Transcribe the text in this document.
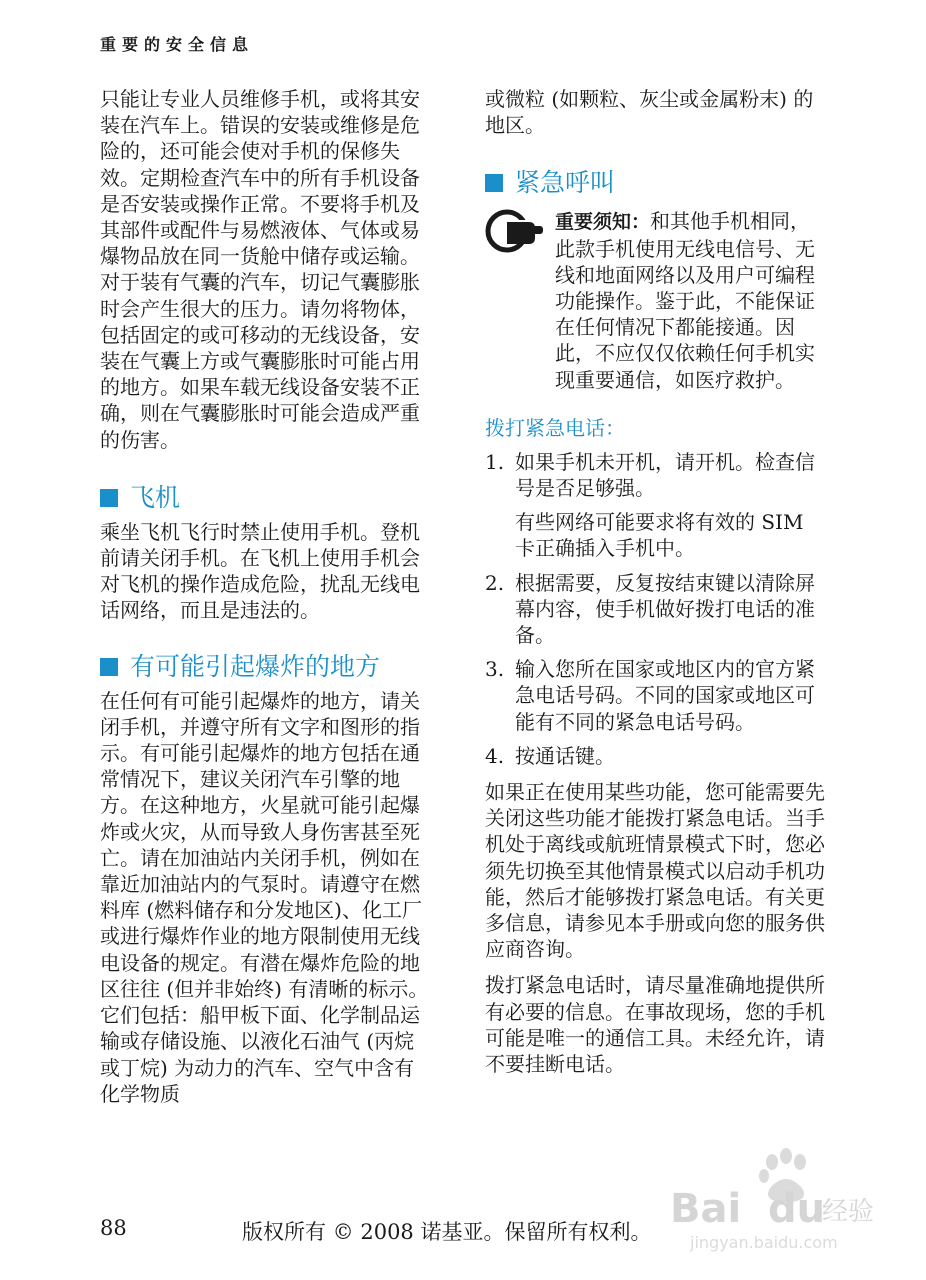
重要的安全信息

只能让专业人员维修手机，或将其安装在汽车上。错误的安装或维修是危险的，还可能会使对手机的保修失效。定期检查汽车中的所有手机设备是否安装或操作正常。不要将手机及其部件或配件与易燃液体、气体或易爆物品放在同一货舱中储存或运输。对于装有气囊的汽车，切记气囊膨胀时会产生很大的压力。请勿将物体，包括固定的或可移动的无线设备，安装在气囊上方或气囊膨胀时可能占用的地方。如果车载无线设备安装不正确，则在气囊膨胀时可能会造成严重的伤害。

飞机

乘坐飞机飞行时禁止使用手机。登机前请关闭手机。在飞机上使用手机会对飞机的操作造成危险，扰乱无线电话网络，而且是违法的。

有可能引起爆炸的地方

在任何有可能引起爆炸的地方，请关闭手机，并遵守所有文字和图形的指示。有可能引起爆炸的地方包括在通常情况下，建议关闭汽车引擎的地方。在这种地方，火星就可能引起爆炸或火灾，从而导致人身伤害甚至死亡。请在加油站内关闭手机，例如在靠近加油站内的气泵时。请遵守在燃料库 (燃料储存和分发地区)、化工厂或进行爆炸作业的地方限制使用无线电设备的规定。有潜在爆炸危险的地区往往 (但并非始终) 有清晰的标示。它们包括：船甲板下面、化学制品运输或存储设施、以液化石油气 (丙烷或丁烷) 为动力的汽车、空气中含有化学物质

或微粒 (如颗粒、灰尘或金属粉末) 的地区。

紧急呼叫

重要须知：和其他手机相同，此款手机使用无线电信号、无线和地面网络以及用户可编程功能操作。鉴于此，不能保证在任何情况下都能接通。因此，不应仅仅依赖任何手机实现重要通信，如医疗救护。

拨打紧急电话：
1. 如果手机未开机，请开机。检查信号是否足够强。

有些网络可能要求将有效的 SIM 卡正确插入手机中。

2. 根据需要，反复按结束键以清除屏幕内容，使手机做好拨打电话的准备。

3. 输入您所在国家或地区内的官方紧急电话号码。不同的国家或地区可能有不同的紧急电话号码。

4. 按通话键。

如果正在使用某些功能，您可能需要先关闭这些功能才能拨打紧急电话。当手机处于离线或航班情景模式下时，您必须先切换至其他情景模式以启动手机功能，然后才能够拨打紧急电话。有关更多信息，请参见本手册或向您的服务供应商咨询。

拨打紧急电话时，请尽量准确地提供所有必要的信息。在事故现场，您的手机可能是唯一的通信工具。未经允许，请不要挂断电话。

88	版权所有 © 2008 诺基亚。保留所有权利。 Bai du
经验
jingyan.baidu.com
